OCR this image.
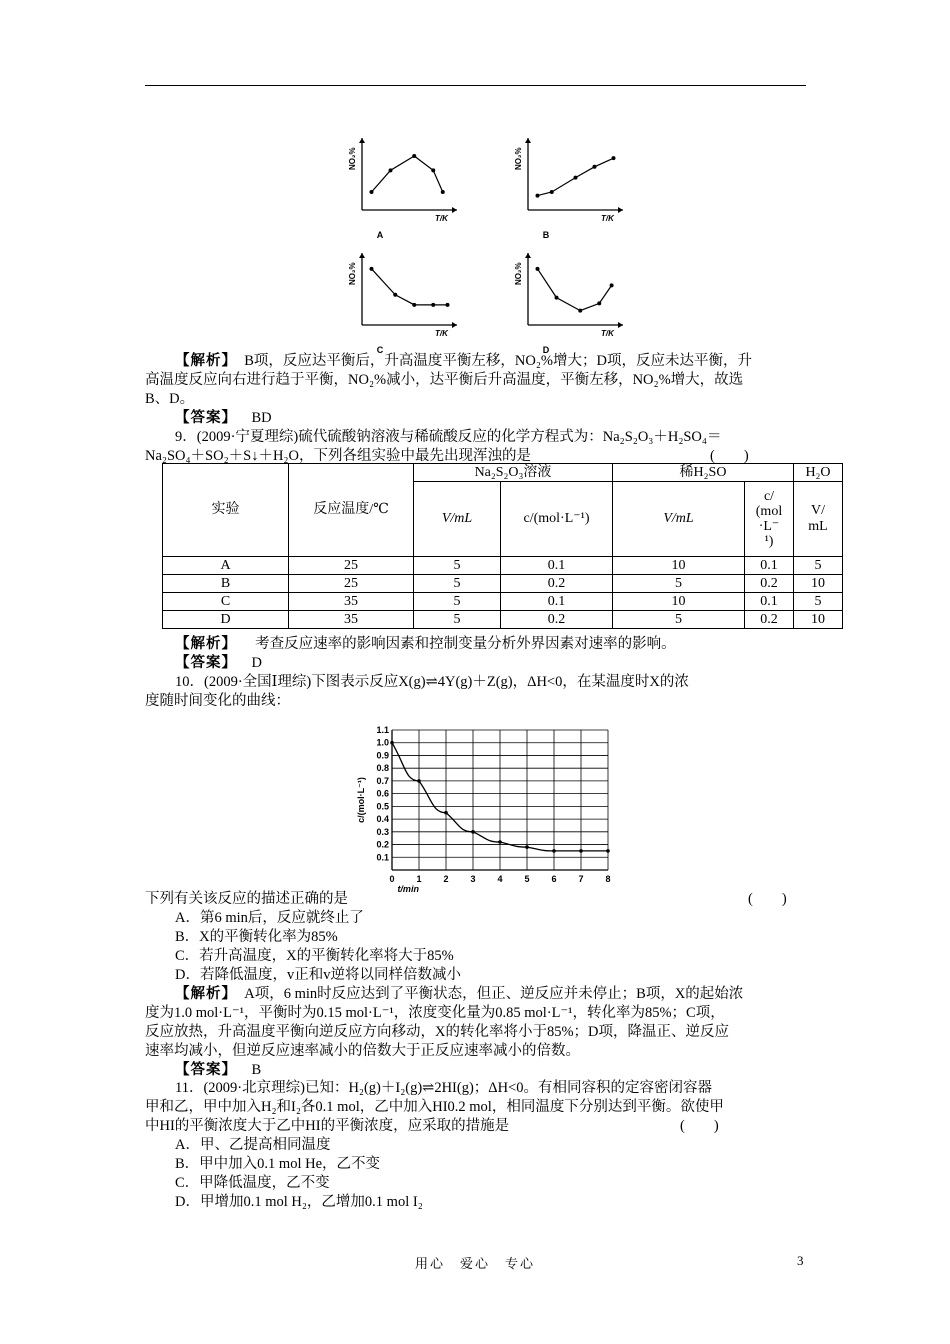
NO₂%
T/K
A
NO₂%
T/K
B
NO₂%
T/K
C
NO₂%
T/K
D
【解析】 B项，反应达平衡后，升高温度平衡左移，NO₂%增大；D项，反应未达平衡，升
高温度反应向右进行趋于平衡，NO₂%减小，达平衡后升高温度，平衡左移，NO₂%增大，故选
B、D。
【答案】 BD
9．(2009·宁夏理综)硫代硫酸钠溶液与稀硫酸反应的化学方程式为：Na₂S₂O₃＋H₂SO₄＝
Na₂SO₄＋SO₂＋S↓＋H₂O，下列各组实验中最先出现浑浊的是	(　　)
实验	反应温度/℃	Na₂S₂O₃溶液		稀H₂SO		H₂O
		V/mL	c/(mol·L⁻¹)	V/mL	c/
(mol
·L⁻
¹)	V/
mL
A	25	5	0.1	10	0.1	5
B	25	5	0.2	5	0.2	10
C	35	5	0.1	10	0.1	5
D	35	5	0.2	5	0.2	10
【解析】 考查反应速率的影响因素和控制变量分析外界因素对速率的影响。
【答案】 D
10．(2009·全国Ⅰ理综)下图表示反应X(g)⇌4Y(g)＋Z(g)，ΔH<0，在某温度时X的浓
度随时间变化的曲线：
0 1 2 3 4 5 6 7 8
0.1
0.2
0.3
0.4
0.5
0.6
0.7
0.8
0.9
1.0
1.1
t/min
c/(mol·L⁻¹)
下列有关该反应的描述正确的是	(　　)
A．第6 min后，反应就终止了
B．X的平衡转化率为85%
C．若升高温度，X的平衡转化率将大于85%
D．若降低温度，v正和v逆将以同样倍数减小
【解析】 A项，6 min时反应达到了平衡状态，但正、逆反应并未停止；B项，X的起始浓
度为1.0 mol·L⁻¹，平衡时为0.15 mol·L⁻¹，浓度变化量为0.85 mol·L⁻¹，转化率为85%；C项，
反应放热，升高温度平衡向逆反应方向移动，X的转化率将小于85%；D项，降温正、逆反应
速率均减小，但逆反应速率减小的倍数大于正反应速率减小的倍数。
【答案】 B
11．(2009·北京理综)已知：H₂(g)＋I₂(g)⇌2HI(g)；ΔH<0。有相同容积的定容密闭容器
甲和乙，甲中加入H₂和I₂各0.1 mol，乙中加入HI0.2 mol，相同温度下分别达到平衡。欲使甲
中HI的平衡浓度大于乙中HI的平衡浓度，应采取的措施是	(　　)
A．甲、乙提高相同温度
B．甲中加入0.1 mol He，乙不变
C．甲降低温度，乙不变
D．甲增加0.1 mol H₂，乙增加0.1 mol I₂
用心　爱心　专心	3
